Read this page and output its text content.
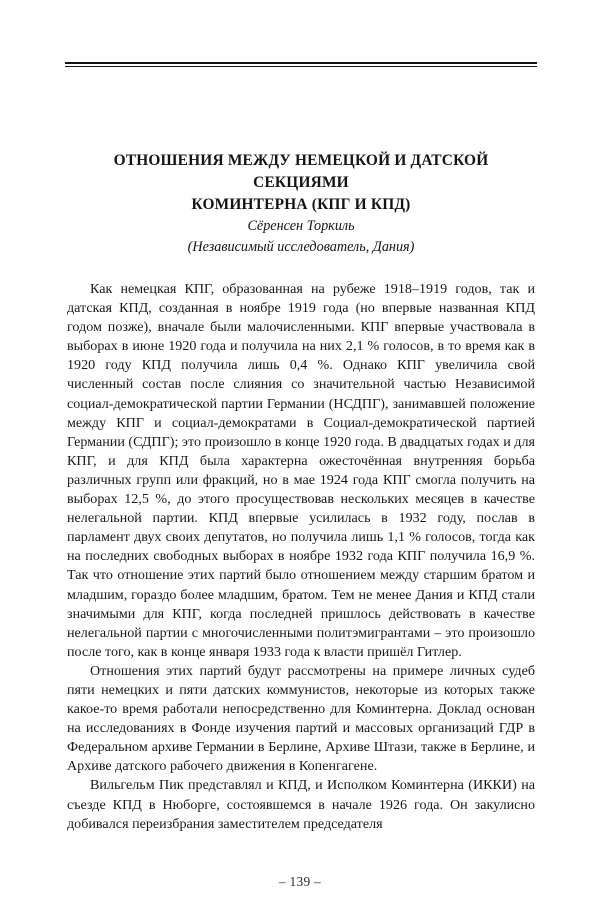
ОТНОШЕНИЯ МЕЖДУ НЕМЕЦКОЙ И ДАТСКОЙ СЕКЦИЯМИ
КОМИНТЕРНА (КПГ И КПД)
Сёренсен Торкиль
(Независимый исследователь, Дания)

Как немецкая КПГ, образованная на рубеже 1918–1919 годов, так и датская КПД, созданная в ноябре 1919 года (но впервые названная КПД годом позже), вначале были малочисленными. КПГ впервые участвовала в выборах в июне 1920 года и получила на них 2,1 % голосов, в то время как в 1920 году КПД получила лишь 0,4 %. Однако КПГ увеличила свой численный состав после слияния со значительной частью Независимой социал-демократической партии Германии (НСДПГ), занимавшей положение между КПГ и социал-демократами в Социал-демократической партией Германии (СДПГ); это произошло в конце 1920 года. В двадцатых годах и для КПГ, и для КПД была характерна ожесточённая внутренняя борьба различных групп или фракций, но в мае 1924 года КПГ смогла получить на выборах 12,5 %, до этого просуществовав нескольких месяцев в качестве нелегальной партии. КПД впервые усилилась в 1932 году, послав в парламент двух своих депутатов, но получила лишь 1,1 % голосов, тогда как на последних свободных выборах в ноябре 1932 года КПГ получила 16,9 %. Так что отношение этих партий было отношением между старшим братом и младшим, гораздо более младшим, братом. Тем не менее Дания и КПД стали значимыми для КПГ, когда последней пришлось действовать в качестве нелегальной партии с многочисленными политэмигрантами – это произошло после того, как в конце января 1933 года к власти пришёл Гитлер.

Отношения этих партий будут рассмотрены на примере личных судеб пяти немецких и пяти датских коммунистов, некоторые из которых также какое-то время работали непосредственно для Коминтерна. Доклад основан на исследованиях в Фонде изучения партий и массовых организаций ГДР в Федеральном архиве Германии в Берлине, Архиве Штази, также в Берлине, и Архиве датского рабочего движения в Копенгагене.

Вильгельм Пик представлял и КПД, и Исполком Коминтерна (ИККИ) на съезде КПД в Нюборге, состоявшемся в начале 1926 года. Он закулисно добивался переизбрания заместителем председателя

– 139 –
